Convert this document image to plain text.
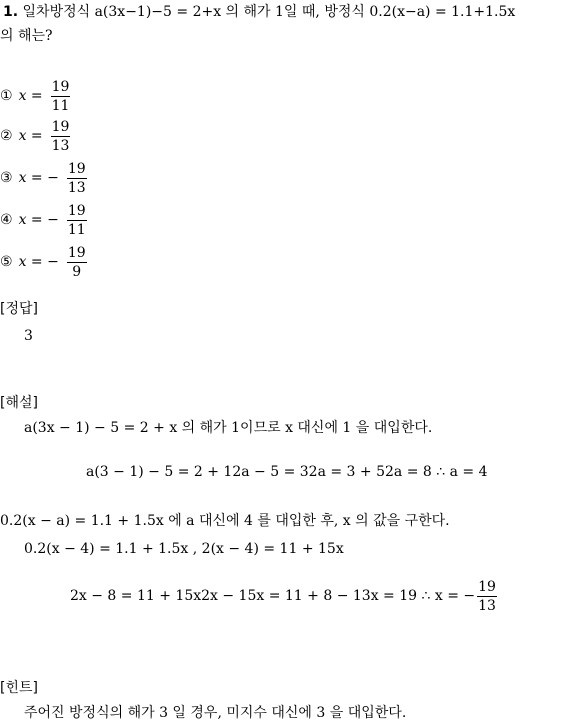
1. 일차방정식 a(3x−1)−5 = 2+x 의 해가 1일 때, 방정식 0.2(x−a) = 1.1+1.5x
의 해는?
① $x = \frac{19}{11}$
② $x = \frac{19}{13}$
③ x = − $\frac{19}{13}$
④ x = − $\frac{19}{11}$
⑤ x = − $\frac{19}{9}$
[정답]
3
[해설]
a(3x − 1) − 5 = 2 + x 의 해가 1이므로 x 대신에 1 을 대입한다.
a(3 − 1) − 5 = 2 + 12a − 5 = 32a = 3 + 52a = 8 ∴ a = 4
0.2(x − a) = 1.1 + 1.5x 에 a 대신에 4 를 대입한 후, x 의 값을 구한다.
0.2(x − 4) = 1.1 + 1.5x , 2(x − 4) = 11 + 15x
2x − 8 = 11 + 15x2x − 15x = 11 + 8 − 13x = 19 ∴ x = − $\frac{19}{13}$
[힌트]
주어진 방정식의 해가 3 일 경우, 미지수 대신에 3 을 대입한다.
